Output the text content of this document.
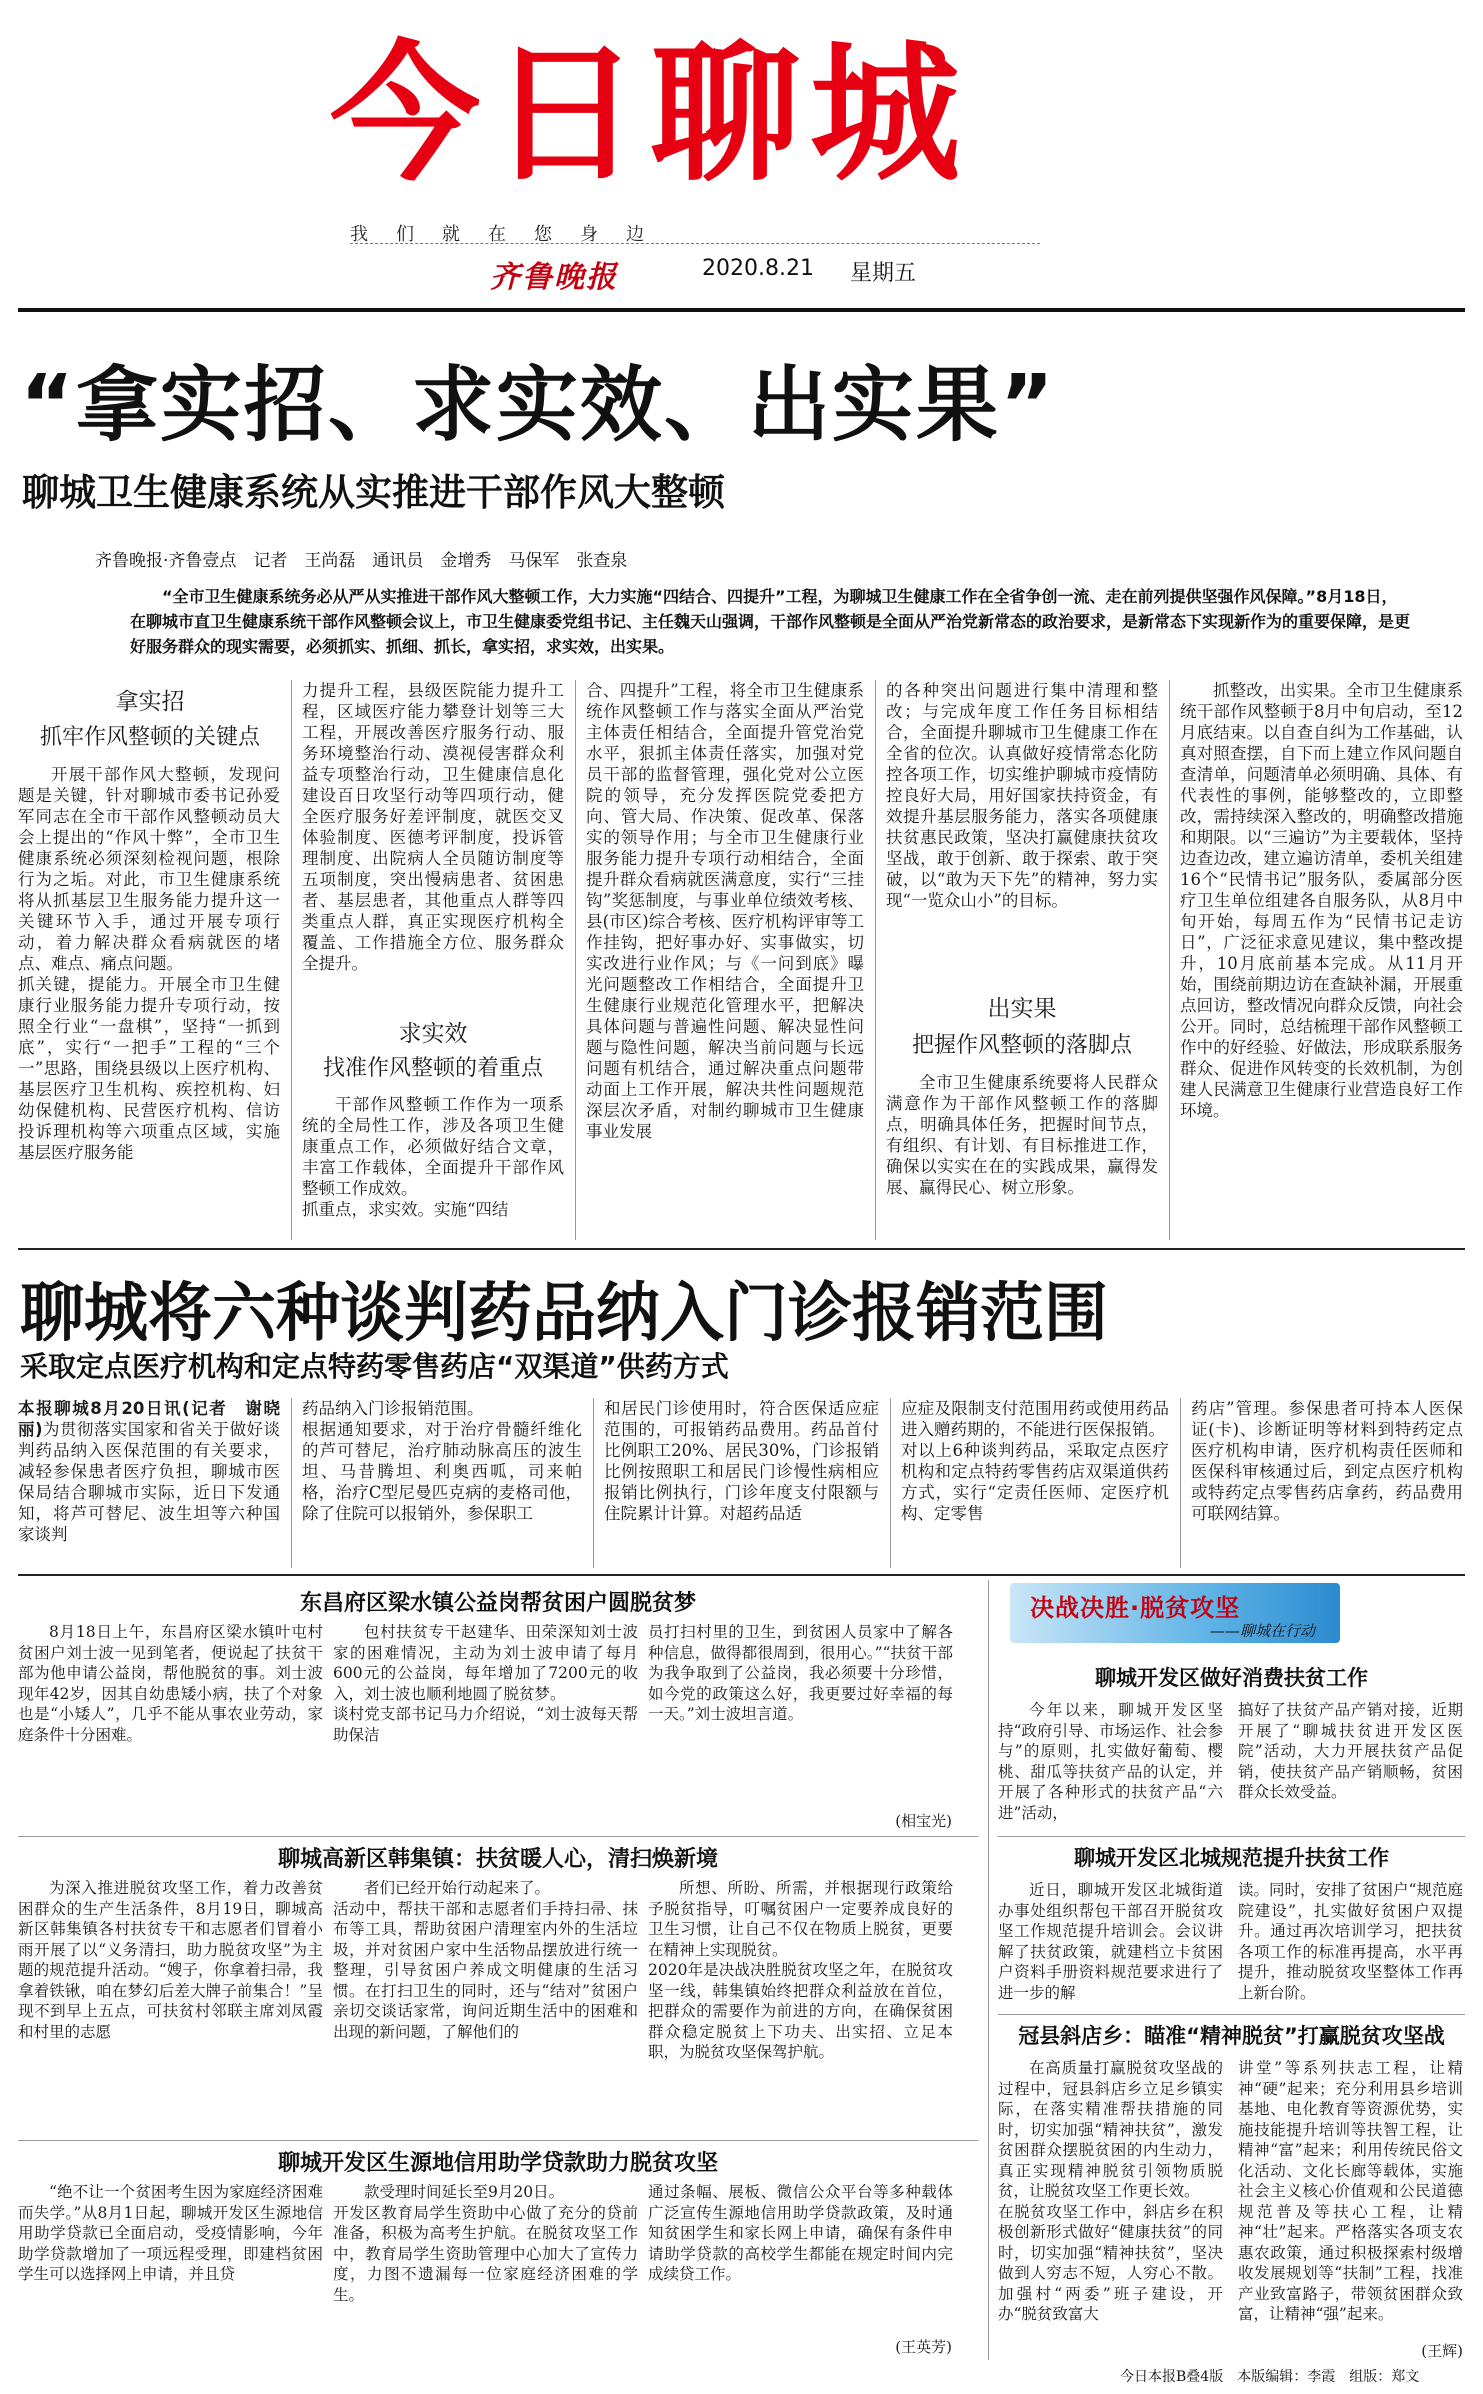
今日聊城
我们就在您身边
齐鲁晚报	2020.8.21 星期五
“拿实招、求实效、出实果”
聊城卫生健康系统从实推进干部作风大整顿
齐鲁晚报·齐鲁壹点　记者　王尚磊　通讯员　金增秀　马保军　张查泉
“全市卫生健康系统务必从严从实推进干部作风大整顿工作，大力实施“四结合、四提升”工程，为聊城卫生健康工作在全省争创一流、走在前列提供坚强作风保障。”8月18日，在聊城市直卫生健康系统干部作风整顿会议上，市卫生健康委党组书记、主任魏天山强调，干部作风整顿是全面从严治党新常态的政治要求，是新常态下实现新作为的重要保障，是更好服务群众的现实需要，必须抓实、抓细、抓长，拿实招，求实效，出实果。
拿实招
抓牢作风整顿的关键点
开展干部作风大整顿，发现问题是关键，针对聊城市委书记孙爱军同志在全市干部作风整顿动员大会上提出的“作风十弊”，全市卫生健康系统必须深刻检视问题，根除行为之垢。对此，市卫生健康系统将从抓基层卫生服务能力提升这一关键环节入手，通过开展专项行动，着力解决群众看病就医的堵点、难点、痛点问题。
抓关键，提能力。开展全市卫生健康行业服务能力提升专项行动，按照全行业“一盘棋”，坚持“一抓到底”，实行“一把手”工程的“三个一”思路，围绕县级以上医疗机构、基层医疗卫生机构、疾控机构、妇幼保健机构、民营医疗机构、信访投诉理机构等六项重点区域，实施基层医疗服务能
力提升工程，县级医院能力提升工程，区域医疗能力攀登计划等三大工程，开展改善医疗服务行动、服务环境整治行动、漠视侵害群众利益专项整治行动，卫生健康信息化建设百日攻坚行动等四项行动，健全医疗服务好差评制度，就医交叉体验制度、医德考评制度，投诉管理制度、出院病人全员随访制度等五项制度，突出慢病患者、贫困患者、基层患者，其他重点人群等四类重点人群，真正实现医疗机构全覆盖、工作措施全方位、服务群众全提升。
求实效
找准作风整顿的着重点
干部作风整顿工作作为一项系统的全局性工作，涉及各项卫生健康重点工作，必须做好结合文章，丰富工作载体，全面提升干部作风整顿工作成效。
抓重点，求实效。实施“四结
合、四提升”工程，将全市卫生健康系统作风整顿工作与落实全面从严治党主体责任相结合，全面提升管党治党水平，狠抓主体责任落实，加强对党员干部的监督管理，强化党对公立医院的领导，充分发挥医院党委把方向、管大局、作决策、促改革、保落实的领导作用；与全市卫生健康行业服务能力提升专项行动相结合，全面提升群众看病就医满意度，实行“三挂钩”奖惩制度，与事业单位绩效考核、县(市区)综合考核、医疗机构评审等工作挂钩，把好事办好、实事做实，切实改进行业作风；与《一问到底》曝光问题整改工作相结合，全面提升卫生健康行业规范化管理水平，把解决具体问题与普遍性问题、解决显性问题与隐性问题，解决当前问题与长远问题有机结合，通过解决重点问题带动面上工作开展，解决共性问题规范深层次矛盾，对制约聊城市卫生健康事业发展
的各种突出问题进行集中清理和整改；与完成年度工作任务目标相结合，全面提升聊城市卫生健康工作在全省的位次。认真做好疫情常态化防控各项工作，切实维护聊城市疫情防控良好大局，用好国家扶持资金，有效提升基层服务能力，落实各项健康扶贫惠民政策，坚决打赢健康扶贫攻坚战，敢于创新、敢于探索、敢于突破，以“敢为天下先”的精神，努力实现“一览众山小”的目标。
出实果
把握作风整顿的落脚点
全市卫生健康系统要将人民群众满意作为干部作风整顿工作的落脚点，明确具体任务，把握时间节点，有组织、有计划、有目标推进工作，确保以实实在在的实践成果，赢得发展、赢得民心、树立形象。
抓整改，出实果。全市卫生健康系统干部作风整顿于8月中旬启动，至12月底结束。以自查自纠为工作基础，认真对照查摆，自下而上建立作风问题自查清单，问题清单必须明确、具体、有代表性的事例，能够整改的，立即整改，需持续深入整改的，明确整改措施和期限。以“三遍访”为主要载体，坚持边查边改，建立遍访清单，委机关组建16个“民情书记”服务队，委属部分医疗卫生单位组建各自服务队，从8月中旬开始，每周五作为“民情书记走访日”，广泛征求意见建议，集中整改提升，10月底前基本完成。从11月开始，围绕前期边访在查缺补漏，开展重点回访，整改情况向群众反馈，向社会公开。同时，总结梳理干部作风整顿工作中的好经验、好做法，形成联系服务群众、促进作风转变的长效机制，为创建人民满意卫生健康行业营造良好工作环境。
聊城将六种谈判药品纳入门诊报销范围
采取定点医疗机构和定点特药零售药店“双渠道”供药方式
本报聊城8月20日讯(记者　谢晓丽)为贯彻落实国家和省关于做好谈判药品纳入医保范围的有关要求，减轻参保患者医疗负担，聊城市医保局结合聊城市实际，近日下发通知，将芦可替尼、波生坦等六种国家谈判
药品纳入门诊报销范围。
根据通知要求，对于治疗骨髓纤维化的芦可替尼，治疗肺动脉高压的波生坦、马昔腾坦、利奥西呱，司来帕格，治疗C型尼曼匹克病的麦格司他，除了住院可以报销外，参保职工
和居民门诊使用时，符合医保适应症范围的，可报销药品费用。药品首付比例职工20%、居民30%，门诊报销比例按照职工和居民门诊慢性病相应报销比例执行，门诊年度支付限额与住院累计计算。对超药品适
应症及限制支付范围用药或使用药品进入赠药期的，不能进行医保报销。
对以上6种谈判药品，采取定点医疗机构和定点特药零售药店双渠道供药方式，实行“定责任医师、定医疗机构、定零售
药店”管理。参保患者可持本人医保证(卡)、诊断证明等材料到特药定点医疗机构申请，医疗机构责任医师和医保科审核通过后，到定点医疗机构或特药定点零售药店拿药，药品费用可联网结算。
东昌府区梁水镇公益岗帮贫困户圆脱贫梦
8月18日上午，东昌府区梁水镇叶屯村贫困户刘士波一见到笔者，便说起了扶贫干部为他申请公益岗，帮他脱贫的事。刘士波现年42岁，因其自幼患矮小病，扶了个对象也是“小矮人”，几乎不能从事农业劳动，家庭条件十分困难。
包村扶贫专干赵建华、田荣深知刘士波家的困难情况，主动为刘士波申请了每月600元的公益岗，每年增加了7200元的收入，刘士波也顺利地圆了脱贫梦。
谈村党支部书记马力介绍说，“刘士波每天帮助保洁
员打扫村里的卫生，到贫困人员家中了解各种信息，做得都很周到，很用心。”“扶贫干部为我争取到了公益岗，我必须要十分珍惜，如今党的政策这么好，我更要过好幸福的每一天。”刘士波坦言道。
(相宝光)
聊城高新区韩集镇：扶贫暖人心，清扫焕新境
为深入推进脱贫攻坚工作，着力改善贫困群众的生产生活条件，8月19日，聊城高新区韩集镇各村扶贫专干和志愿者们冒着小雨开展了以“义务清扫，助力脱贫攻坚”为主题的规范提升活动。“嫂子，你拿着扫帚，我拿着铁锹，咱在梦幻后差大牌子前集合！”呈现不到早上五点，可扶贫村邻联主席刘凤霞和村里的志愿
者们已经开始行动起来了。
活动中，帮扶干部和志愿者们手持扫帚、抹布等工具，帮助贫困户清理室内外的生活垃圾，并对贫困户家中生活物品摆放进行统一整理，引导贫困户养成文明健康的生活习惯。在打扫卫生的同时，还与“结对”贫困户亲切交谈话家常，询问近期生活中的困难和出现的新问题，了解他们的
所想、所盼、所需，并根据现行政策给予脱贫指导，叮嘱贫困户一定要养成良好的卫生习惯，让自己不仅在物质上脱贫，更要在精神上实现脱贫。
2020年是决战决胜脱贫攻坚之年，在脱贫攻坚一线，韩集镇始终把群众利益放在首位，把群众的需要作为前进的方向，在确保贫困群众稳定脱贫上下功夫、出实招、立足本职，为脱贫攻坚保驾护航。
聊城开发区生源地信用助学贷款助力脱贫攻坚
“绝不让一个贫困考生因为家庭经济困难而失学。”从8月1日起，聊城开发区生源地信用助学贷款已全面启动，受疫情影响，今年助学贷款增加了一项远程受理，即建档贫困学生可以选择网上申请，并且贷
款受理时间延长至9月20日。
开发区教育局学生资助中心做了充分的贷前准备，积极为高考生护航。在脱贫攻坚工作中，教育局学生资助管理中心加大了宣传力度，力图不遗漏每一位家庭经济困难的学生。
通过条幅、展板、微信公众平台等多种载体广泛宣传生源地信用助学贷款政策，及时通知贫困学生和家长网上申请，确保有条件申请助学贷款的高校学生都能在规定时间内完成续贷工作。
(王英芳)
决战决胜·脱贫攻坚
——聊城在行动
聊城开发区做好消费扶贫工作
今年以来，聊城开发区坚持“政府引导、市场运作、社会参与”的原则，扎实做好葡萄、樱桃、甜瓜等扶贫产品的认定，并开展了各种形式的扶贫产品“六进”活动，
搞好了扶贫产品产销对接，近期开展了“聊城扶贫进开发区医院”活动，大力开展扶贫产品促销，使扶贫产品产销顺畅，贫困群众长效受益。
聊城开发区北城规范提升扶贫工作
近日，聊城开发区北城街道办事处组织帮包干部召开脱贫攻坚工作规范提升培训会。会议讲解了扶贫政策，就建档立卡贫困户资料手册资料规范要求进行了进一步的解
读。同时，安排了贫困户“规范庭院建设”，扎实做好贫困户双提升。通过再次培训学习，把扶贫各项工作的标准再提高，水平再提升，推动脱贫攻坚整体工作再上新台阶。
冠县斜店乡：瞄准“精神脱贫”打赢脱贫攻坚战
在高质量打赢脱贫攻坚战的过程中，冠县斜店乡立足乡镇实际，在落实精准帮扶措施的同时，切实加强“精神扶贫”，激发贫困群众摆脱贫困的内生动力，真正实现精神脱贫引领物质脱贫，让脱贫攻坚工作更长效。
在脱贫攻坚工作中，斜店乡在积极创新形式做好“健康扶贫”的同时，切实加强“精神扶贫”，坚决做到人穷志不短，人穷心不散。加强村“两委”班子建设，开办“脱贫致富大
讲堂”等系列扶志工程，让精神“硬”起来；充分利用县乡培训基地、电化教育等资源优势，实施技能提升培训等扶智工程，让精神“富”起来；利用传统民俗文化活动、文化长廊等载体，实施社会主义核心价值观和公民道德规范普及等扶心工程，让精神“壮”起来。严格落实各项支农惠农政策，通过积极探索村级增收发展规划等“扶制”工程，找准产业致富路子，带领贫困群众致富，让精神“强”起来。
(王辉)
今日本报B叠4版　本版编辑：李霞　组版：郑文
